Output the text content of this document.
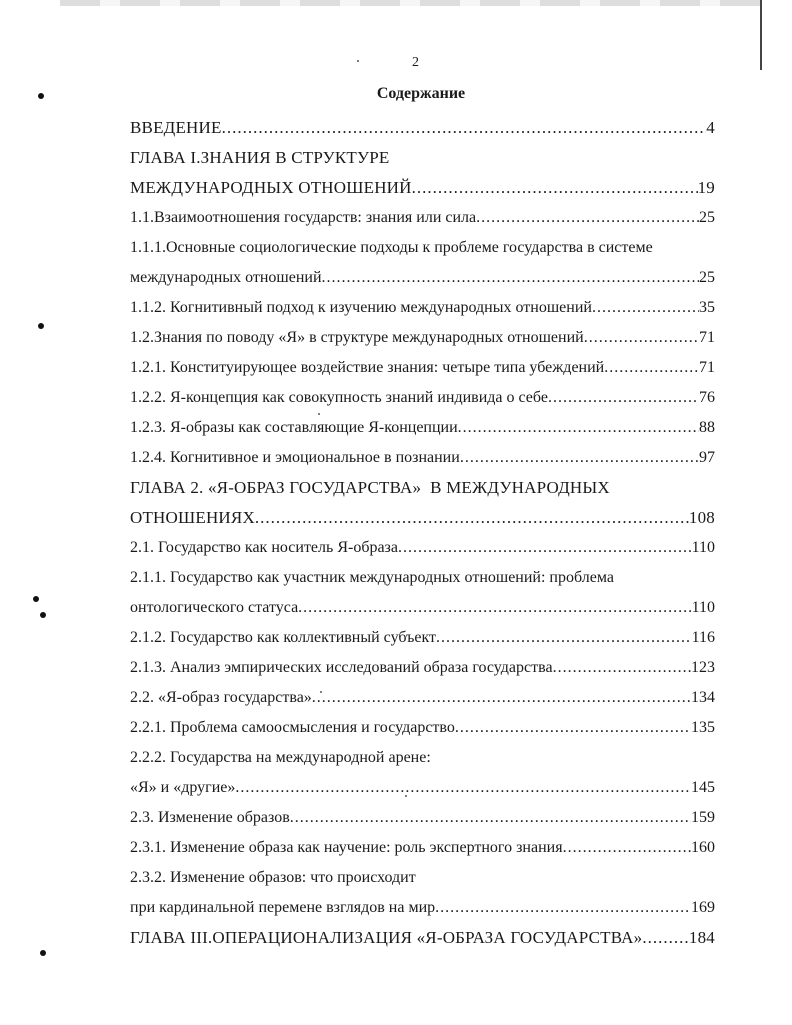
2
Содержание
ВВЕДЕНИЕ .....	4
ГЛАВА I.ЗНАНИЯ В СТРУКТУРЕ
МЕЖДУНАРОДНЫХ ОТНОШЕНИЙ .....	19
1.1.Взаимоотношения государств: знания или сила .....	25
1.1.1.Основные социологические подходы к проблеме государства в системе
международных отношений .....	25
1.1.2. Когнитивный подход к изучению международных отношений .....	35
1.2.Знания по поводу «Я» в структуре международных отношений .....	71
1.2.1. Конституирующее воздействие знания: четыре типа убеждений .....	71
1.2.2. Я-концепция как совокупность знаний индивида о себе .....	76
1.2.3. Я-образы как составляющие Я-концепции .....	88
1.2.4. Когнитивное и эмоциональное в познании .....	97
ГЛАВА 2. «Я-ОБРАЗ ГОСУДАРСТВА»  В МЕЖДУНАРОДНЫХ
ОТНОШЕНИЯХ .....	108
2.1. Государство как носитель Я-образа .....	110
2.1.1. Государство как участник международных отношений: проблема
онтологического статуса .....	110
2.1.2. Государство как коллективный субъект .....	116
2.1.3. Анализ эмпирических исследований образа государства .....	123
2.2. «Я-образ государства» .....	134
2.2.1. Проблема самоосмысления и государство .....	135
2.2.2. Государства на международной арене:
«Я» и «другие» .....	145
2.3. Изменение образов .....	159
2.3.1. Изменение образа как научение: роль экспертного знания .....	160
2.3.2. Изменение образов: что происходит
при кардинальной перемене взглядов на мир .....	169
ГЛАВА III.ОПЕРАЦИОНАЛИЗАЦИЯ «Я-ОБРАЗА ГОСУДАРСТВА» .....	184
